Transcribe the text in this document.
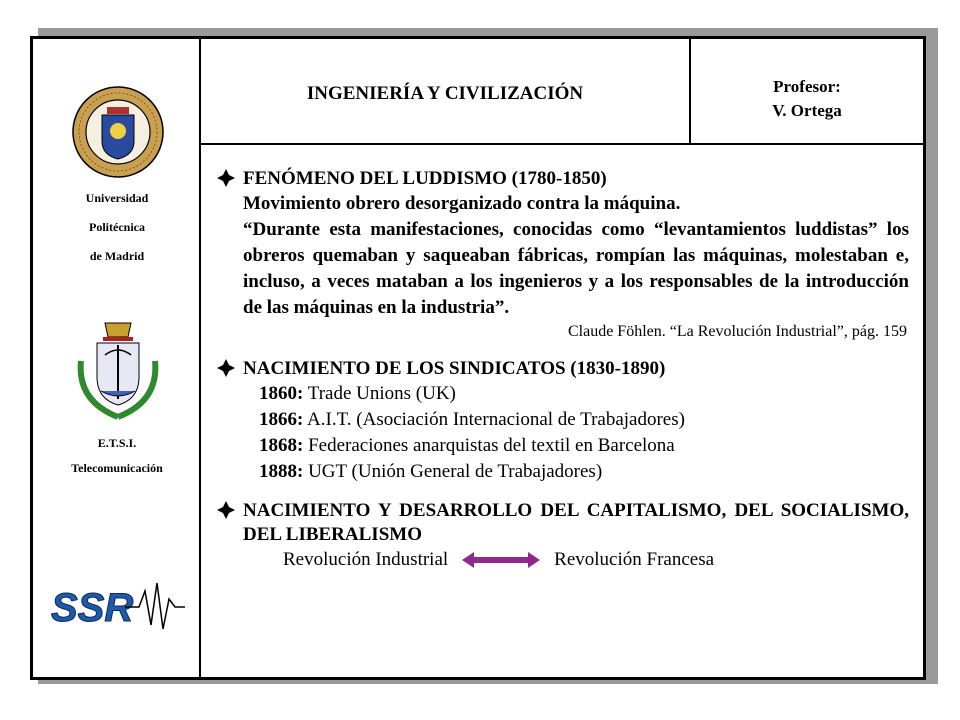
Universidad
Politécnica
de Madrid
E.T.S.I.
Telecomunicación
SSR
INGENIERÍA Y CIVILIZACIÓN	Profesor:
V. Ortega
FENÓMENO DEL LUDDISMO (1780-1850)
Movimiento obrero desorganizado contra la máquina.
“Durante esta manifestaciones, conocidas como “levantamientos luddistas” los obreros quemaban y saqueaban fábricas, rompían las máquinas, molestaban e, incluso, a veces mataban a los ingenieros y a los responsables de la introducción de las máquinas en la industria”.
Claude Föhlen. “La Revolución Industrial”, pág. 159
NACIMIENTO DE LOS SINDICATOS (1830-1890)
1860: Trade Unions (UK)
1866: A.I.T. (Asociación Internacional de Trabajadores)
1868: Federaciones anarquistas del textil en Barcelona
1888: UGT (Unión General de Trabajadores)
NACIMIENTO Y DESARROLLO DEL CAPITALISMO, DEL SOCIALISMO, DEL LIBERALISMO
Revolución Industrial	Revolución Francesa
